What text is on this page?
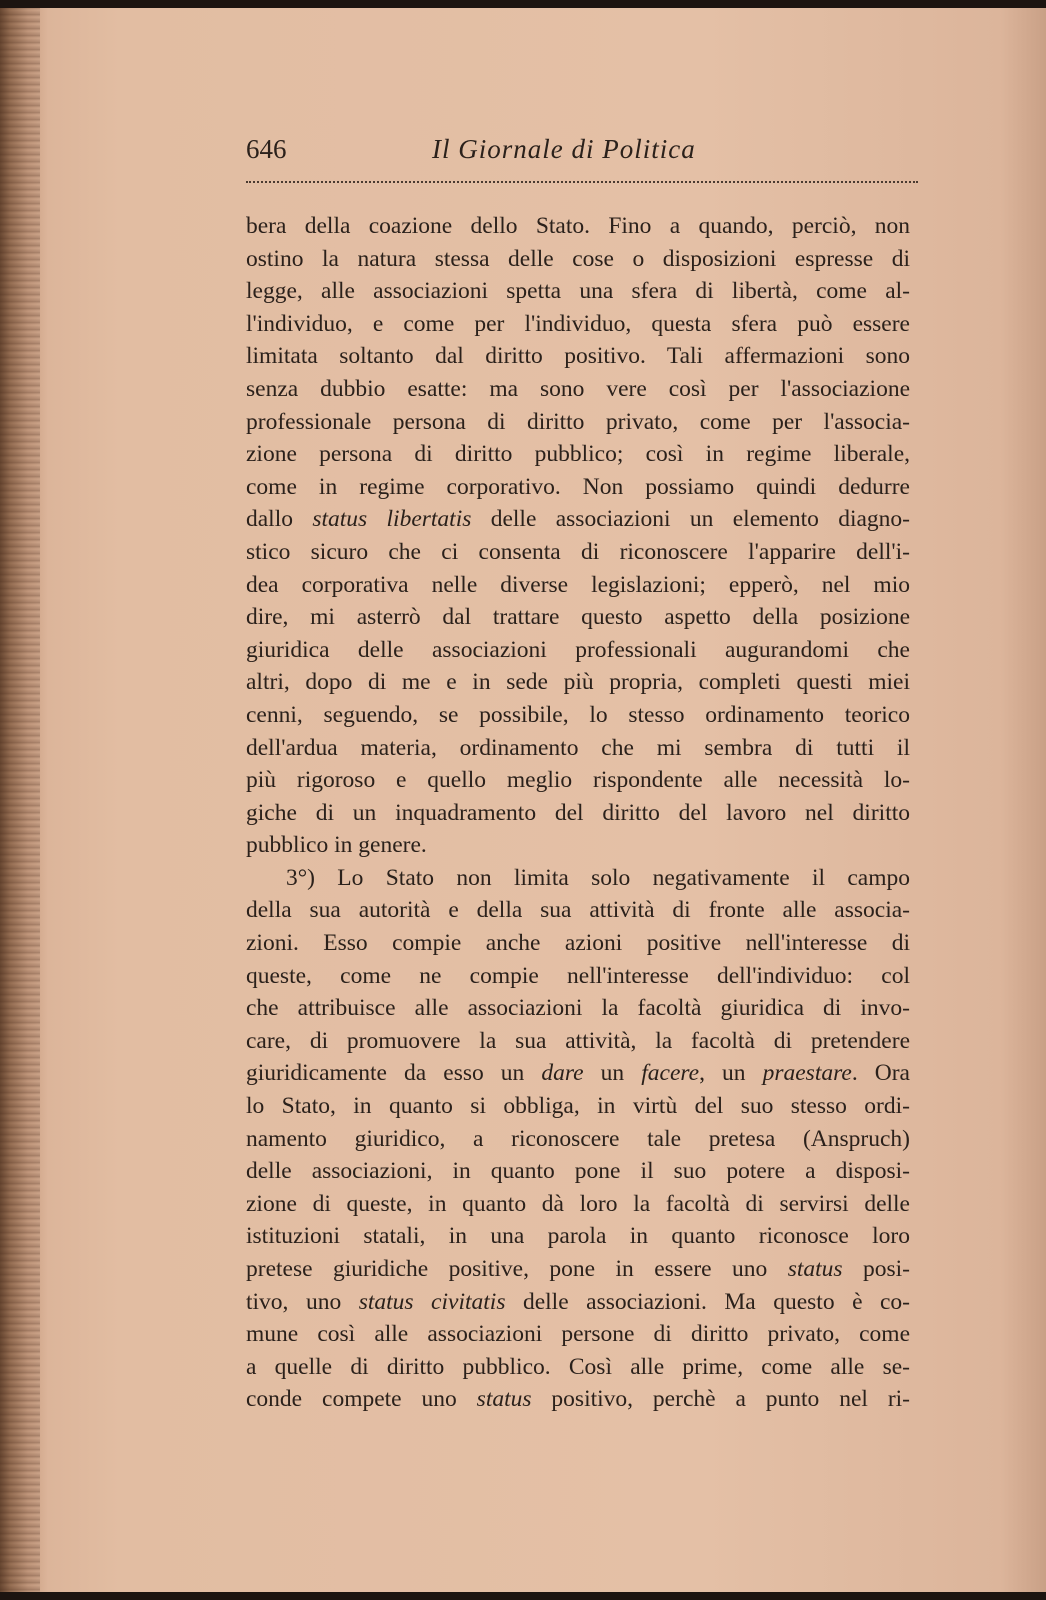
646	Il Giornale di Politica
bera della coazione dello Stato. Fino a quando, perciò, non
ostino la natura stessa delle cose o disposizioni espresse di
legge, alle associazioni spetta una sfera di libertà, come al-
l'individuo, e come per l'individuo, questa sfera può essere
limitata soltanto dal diritto positivo. Tali affermazioni sono
senza dubbio esatte: ma sono vere così per l'associazione
professionale persona di diritto privato, come per l'associa-
zione persona di diritto pubblico; così in regime liberale,
come in regime corporativo. Non possiamo quindi dedurre
dallo status libertatis delle associazioni un elemento diagno-
stico sicuro che ci consenta di riconoscere l'apparire dell'i-
dea corporativa nelle diverse legislazioni; epperò, nel mio
dire, mi asterrò dal trattare questo aspetto della posizione
giuridica delle associazioni professionali augurandomi che
altri, dopo di me e in sede più propria, completi questi miei
cenni, seguendo, se possibile, lo stesso ordinamento teorico
dell'ardua materia, ordinamento che mi sembra di tutti il
più rigoroso e quello meglio rispondente alle necessità lo-
giche di un inquadramento del diritto del lavoro nel diritto
pubblico in genere.
3°) Lo Stato non limita solo negativamente il campo
della sua autorità e della sua attività di fronte alle associa-
zioni. Esso compie anche azioni positive nell'interesse di
queste, come ne compie nell'interesse dell'individuo: col
che attribuisce alle associazioni la facoltà giuridica di invo-
care, di promuovere la sua attività, la facoltà di pretendere
giuridicamente da esso un dare un facere, un praestare. Ora
lo Stato, in quanto si obbliga, in virtù del suo stesso ordi-
namento giuridico, a riconoscere tale pretesa (Anspruch)
delle associazioni, in quanto pone il suo potere a disposi-
zione di queste, in quanto dà loro la facoltà di servirsi delle
istituzioni statali, in una parola in quanto riconosce loro
pretese giuridiche positive, pone in essere uno status posi-
tivo, uno status civitatis delle associazioni. Ma questo è co-
mune così alle associazioni persone di diritto privato, come
a quelle di diritto pubblico. Così alle prime, come alle se-
conde compete uno status positivo, perchè a punto nel ri-
